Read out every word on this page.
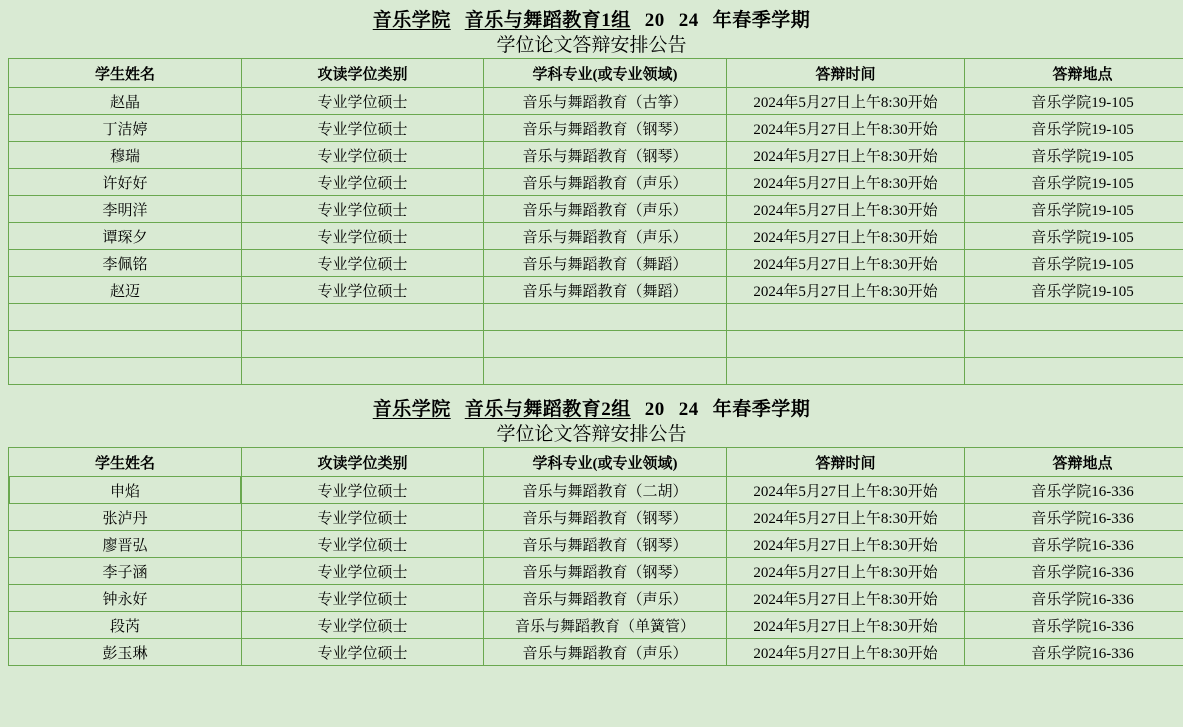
音乐学院 音乐与舞蹈教育1组 20 24 年春季学期
学位论文答辩安排公告
学生姓名	攻读学位类别	学科专业(或专业领域)	答辩时间	答辩地点
赵晶	专业学位硕士	音乐与舞蹈教育（古筝）	2024年5月27日上午8:30开始	音乐学院19-105
丁洁婷	专业学位硕士	音乐与舞蹈教育（钢琴）	2024年5月27日上午8:30开始	音乐学院19-105
穆瑞	专业学位硕士	音乐与舞蹈教育（钢琴）	2024年5月27日上午8:30开始	音乐学院19-105
许好好	专业学位硕士	音乐与舞蹈教育（声乐）	2024年5月27日上午8:30开始	音乐学院19-105
李明洋	专业学位硕士	音乐与舞蹈教育（声乐）	2024年5月27日上午8:30开始	音乐学院19-105
谭琛夕	专业学位硕士	音乐与舞蹈教育（声乐）	2024年5月27日上午8:30开始	音乐学院19-105
李佩铭	专业学位硕士	音乐与舞蹈教育（舞蹈）	2024年5月27日上午8:30开始	音乐学院19-105
赵迈	专业学位硕士	音乐与舞蹈教育（舞蹈）	2024年5月27日上午8:30开始	音乐学院19-105

音乐学院 音乐与舞蹈教育2组 20 24 年春季学期
学位论文答辩安排公告
学生姓名	攻读学位类别	学科专业(或专业领域)	答辩时间	答辩地点
申焰	专业学位硕士	音乐与舞蹈教育（二胡）	2024年5月27日上午8:30开始	音乐学院16-336
张泸丹	专业学位硕士	音乐与舞蹈教育（钢琴）	2024年5月27日上午8:30开始	音乐学院16-336
廖晋弘	专业学位硕士	音乐与舞蹈教育（钢琴）	2024年5月27日上午8:30开始	音乐学院16-336
李子涵	专业学位硕士	音乐与舞蹈教育（钢琴）	2024年5月27日上午8:30开始	音乐学院16-336
钟永好	专业学位硕士	音乐与舞蹈教育（声乐）	2024年5月27日上午8:30开始	音乐学院16-336
段芮	专业学位硕士	音乐与舞蹈教育（单簧管）	2024年5月27日上午8:30开始	音乐学院16-336
彭玉琳	专业学位硕士	音乐与舞蹈教育（声乐）	2024年5月27日上午8:30开始	音乐学院16-336
